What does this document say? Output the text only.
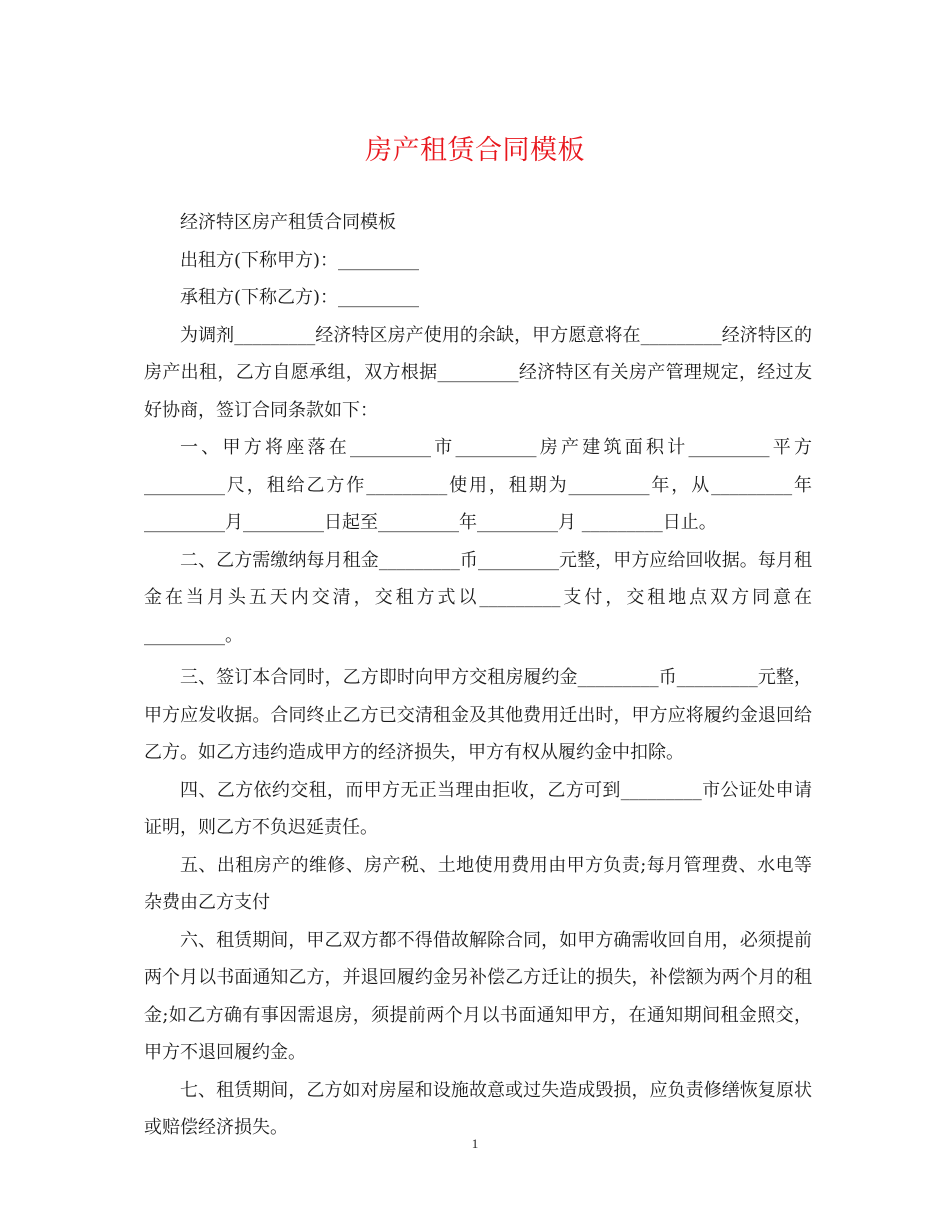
房产租赁合同模板

经济特区房产租赁合同模板

出租方(下称甲方)：_________

承租方(下称乙方)：_________

为调剂_________经济特区房产使用的余缺，甲方愿意将在_________经济特区的房产出租，乙方自愿承组，双方根据_________经济特区有关房产管理规定，经过友好协商，签订合同条款如下：

一、甲方将座落在_________市_________房产建筑面积计_________平方_________尺，租给乙方作_________使用，租期为_________年，从_________年_________月_________日起至_________年_________月 _________日止。

二、乙方需缴纳每月租金_________币_________元整，甲方应给回收据。每月租金在当月头五天内交清，交租方式以_________支付，交租地点双方同意在_________。

三、签订本合同时，乙方即时向甲方交租房履约金_________币_________元整，甲方应发收据。合同终止乙方已交清租金及其他费用迁出时，甲方应将履约金退回给乙方。如乙方违约造成甲方的经济损失，甲方有权从履约金中扣除。

四、乙方依约交租，而甲方无正当理由拒收，乙方可到_________市公证处申请证明，则乙方不负迟延责任。

五、出租房产的维修、房产税、土地使用费用由甲方负责;每月管理费、水电等杂费由乙方支付

六、租赁期间，甲乙双方都不得借故解除合同，如甲方确需收回自用，必须提前两个月以书面通知乙方，并退回履约金另补偿乙方迁让的损失，补偿额为两个月的租金;如乙方确有事因需退房，须提前两个月以书面通知甲方，在通知期间租金照交，甲方不退回履约金。

七、租赁期间，乙方如对房屋和设施故意或过失造成毁损，应负责修缮恢复原状或赔偿经济损失。

1
